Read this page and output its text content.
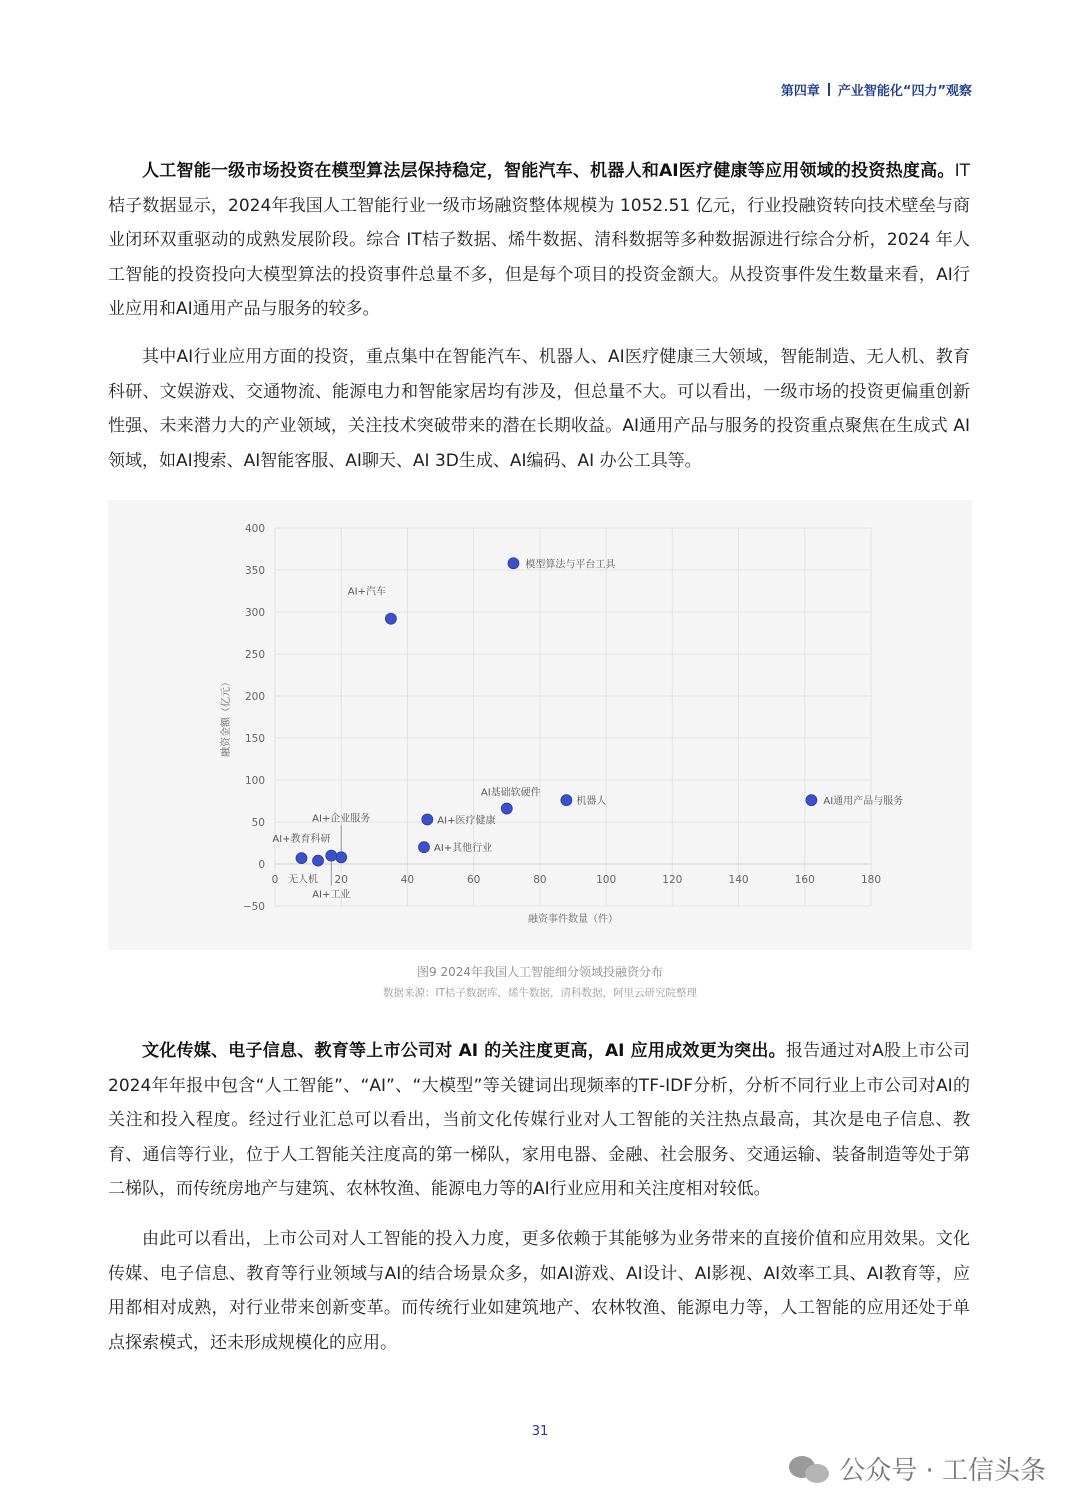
第四章 产业智能化“四力”观察

人工智能一级市场投资在模型算法层保持稳定，智能汽车、机器人和AI医疗健康等应用领域的投资热度高。IT桔子数据显示，2024年我国人工智能行业一级市场融资整体规模为 1052.51 亿元，行业投融资转向技术壁垒与商业闭环双重驱动的成熟发展阶段。综合 IT桔子数据、烯牛数据、清科数据等多种数据源进行综合分析，2024 年人工智能的投资投向大模型算法的投资事件总量不多，但是每个项目的投资金额大。从投资事件发生数量来看，AI行业应用和AI通用产品与服务的较多。

其中AI行业应用方面的投资，重点集中在智能汽车、机器人、AI医疗健康三大领域，智能制造、无人机、教育科研、文娱游戏、交通物流、能源电力和智能家居均有涉及，但总量不大。可以看出，一级市场的投资更偏重创新性强、未来潜力大的产业领域，关注技术突破带来的潜在长期收益。AI通用产品与服务的投资重点聚焦在生成式 AI 领域，如AI搜索、AI智能客服、AI聊天、AI 3D生成、AI编码、AI 办公工具等。

0	20	40	60	80	100	120	140	160	180
−50
0
50
100
150
200
250
300
350
400
融资事件数量（件）
融资金额（亿元）
模型算法与平台工具
AI+汽车
AI通用产品与服务
机器人
AI基础软硬件
AI+医疗健康
AI+其他行业
AI+企业服务
AI+教育科研
无人机
AI+工业
图9 2024年我国人工智能细分领域投融资分布
数据来源：IT桔子数据库，烯牛数据，清科数据，阿里云研究院整理

文化传媒、电子信息、教育等上市公司对 AI 的关注度更高，AI 应用成效更为突出。报告通过对A股上市公司2024年年报中包含“人工智能”、“AI”、“大模型”等关键词出现频率的TF-IDF分析，分析不同行业上市公司对AI的关注和投入程度。经过行业汇总可以看出，当前文化传媒行业对人工智能的关注热点最高，其次是电子信息、教育、通信等行业，位于人工智能关注度高的第一梯队，家用电器、金融、社会服务、交通运输、装备制造等处于第二梯队，而传统房地产与建筑、农林牧渔、能源电力等的AI行业应用和关注度相对较低。

由此可以看出，上市公司对人工智能的投入力度，更多依赖于其能够为业务带来的直接价值和应用效果。文化传媒、电子信息、教育等行业领域与AI的结合场景众多，如AI游戏、AI设计、AI影视、AI效率工具、AI教育等，应用都相对成熟，对行业带来创新变革。而传统行业如建筑地产、农林牧渔、能源电力等，人工智能的应用还处于单点探索模式，还未形成规模化的应用。

31
公众号 · 工信头条
